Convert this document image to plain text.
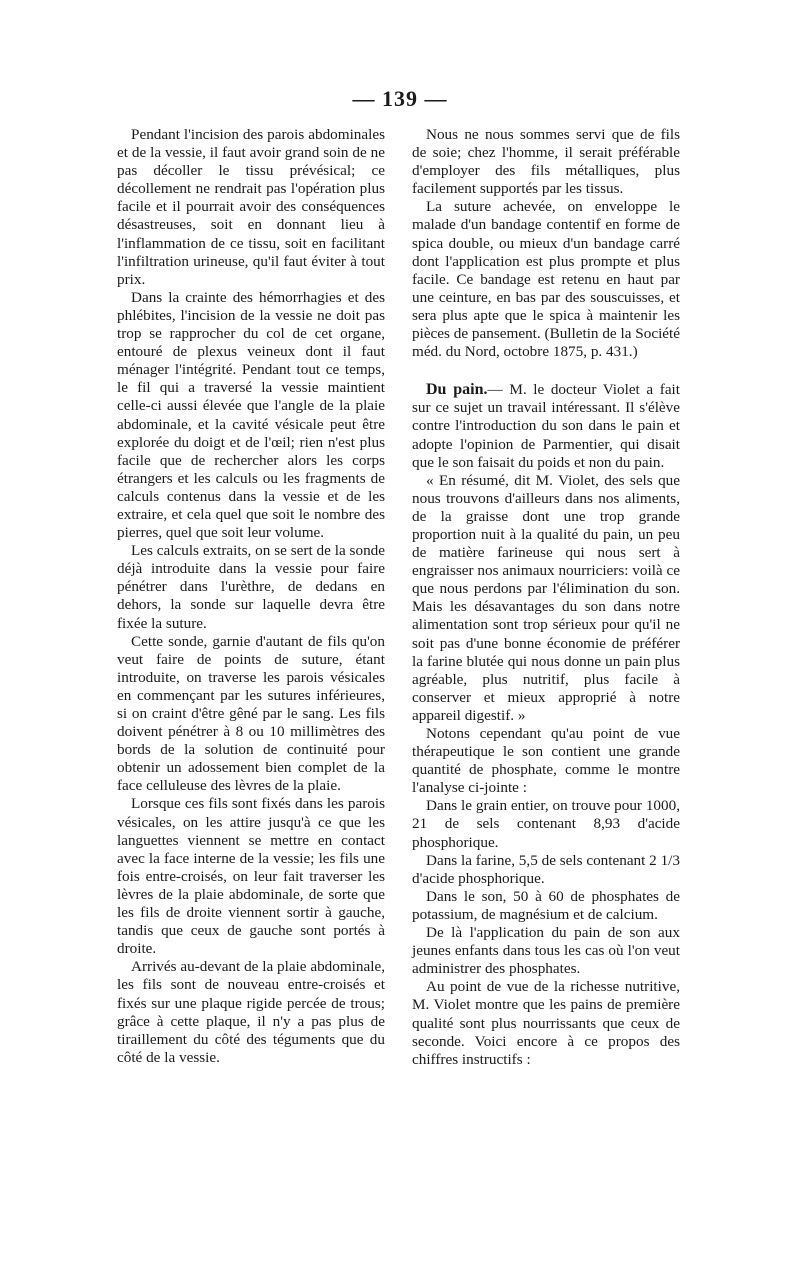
— 139 —

Pendant l'incision des parois abdominales et de la vessie, il faut avoir grand soin de ne pas décoller le tissu prévésical; ce décollement ne rendrait pas l'opération plus facile et il pourrait avoir des conséquences désastreuses, soit en donnant lieu à l'inflammation de ce tissu, soit en facilitant l'infiltration urineuse, qu'il faut éviter à tout prix.

Dans la crainte des hémorrhagies et des phlébites, l'incision de la vessie ne doit pas trop se rapprocher du col de cet organe, entouré de plexus veineux dont il faut ménager l'intégrité. Pendant tout ce temps, le fil qui a traversé la vessie maintient celle-ci aussi élevée que l'angle de la plaie abdominale, et la cavité vésicale peut être explorée du doigt et de l'œil; rien n'est plus facile que de rechercher alors les corps étrangers et les calculs ou les fragments de calculs contenus dans la vessie et de les extraire, et cela quel que soit le nombre des pierres, quel que soit leur volume.

Les calculs extraits, on se sert de la sonde déjà introduite dans la vessie pour faire pénétrer dans l'urèthre, de dedans en dehors, la sonde sur laquelle devra être fixée la suture.

Cette sonde, garnie d'autant de fils qu'on veut faire de points de suture, étant introduite, on traverse les parois vésicales en commençant par les sutures inférieures, si on craint d'être gêné par le sang. Les fils doivent pénétrer à 8 ou 10 millimètres des bords de la solution de continuité pour obtenir un adossement bien complet de la face celluleuse des lèvres de la plaie.

Lorsque ces fils sont fixés dans les parois vésicales, on les attire jusqu'à ce que les languettes viennent se mettre en contact avec la face interne de la vessie; les fils une fois entre-croisés, on leur fait traverser les lèvres de la plaie abdominale, de sorte que les fils de droite viennent sortir à gauche, tandis que ceux de gauche sont portés à droite.

Arrivés au-devant de la plaie abdominale, les fils sont de nouveau entre-croisés et fixés sur une plaque rigide percée de trous; grâce à cette plaque, il n'y a pas plus de tiraillement du côté des téguments que du côté de la vessie.

Nous ne nous sommes servi que de fils de soie; chez l'homme, il serait préférable d'employer des fils métalliques, plus facilement supportés par les tissus.

La suture achevée, on enveloppe le malade d'un bandage contentif en forme de spica double, ou mieux d'un bandage carré dont l'application est plus prompte et plus facile. Ce bandage est retenu en haut par une ceinture, en bas par des souscuisses, et sera plus apte que le spica à maintenir les pièces de pansement. (Bulletin de la Société méd. du Nord, octobre 1875, p. 431.)

Du pain.— M. le docteur Violet a fait sur ce sujet un travail intéressant. Il s'élève contre l'introduction du son dans le pain et adopte l'opinion de Parmentier, qui disait que le son faisait du poids et non du pain.

« En résumé, dit M. Violet, des sels que nous trouvons d'ailleurs dans nos aliments, de la graisse dont une trop grande proportion nuit à la qualité du pain, un peu de matière farineuse qui nous sert à engraisser nos animaux nourriciers: voilà ce que nous perdons par l'élimination du son. Mais les désavantages du son dans notre alimentation sont trop sérieux pour qu'il ne soit pas d'une bonne économie de préférer la farine blutée qui nous donne un pain plus agréable, plus nutritif, plus facile à conserver et mieux approprié à notre appareil digestif. »

Notons cependant qu'au point de vue thérapeutique le son contient une grande quantité de phosphate, comme le montre l'analyse ci-jointe :

Dans le grain entier, on trouve pour 1000, 21 de sels contenant 8,93 d'acide phosphorique.

Dans la farine, 5,5 de sels contenant 2 1/3 d'acide phosphorique.

Dans le son, 50 à 60 de phosphates de potassium, de magnésium et de calcium.

De là l'application du pain de son aux jeunes enfants dans tous les cas où l'on veut administrer des phosphates.

Au point de vue de la richesse nutritive, M. Violet montre que les pains de première qualité sont plus nourrissants que ceux de seconde. Voici encore à ce propos des chiffres instructifs :
